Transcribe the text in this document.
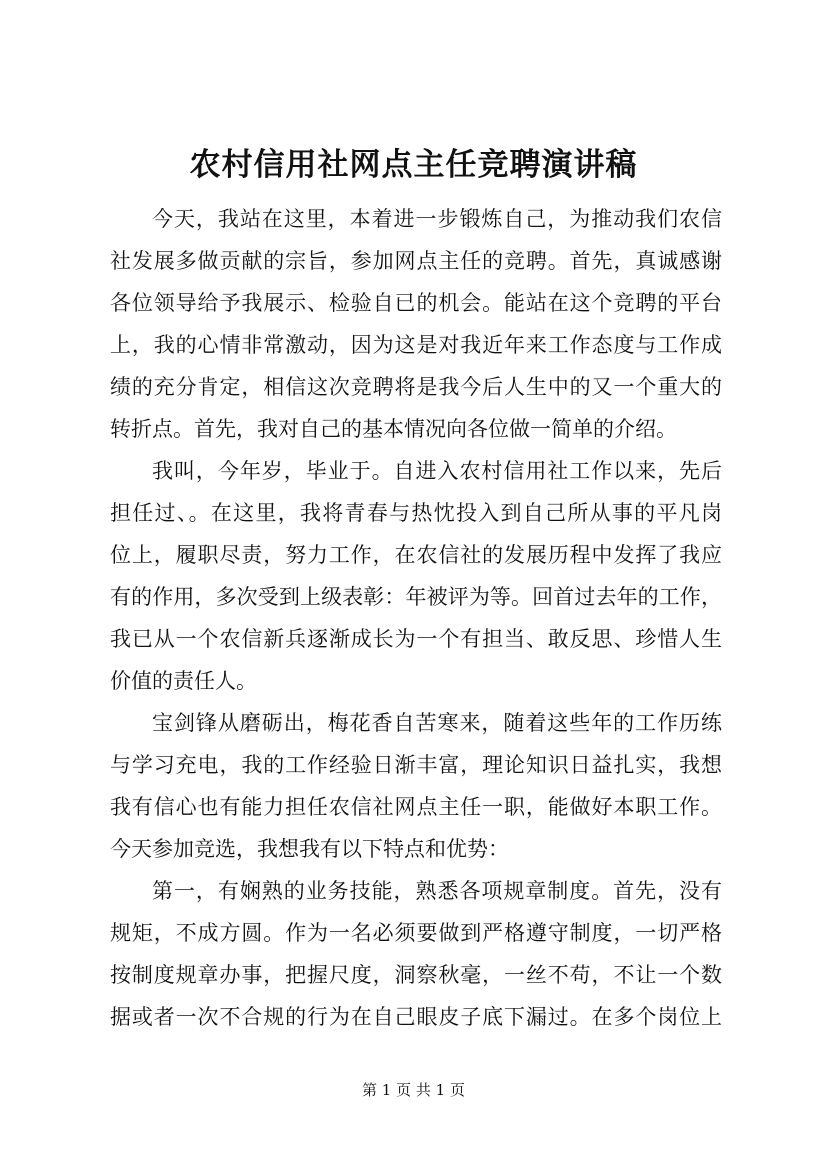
农村信用社网点主任竞聘演讲稿
今天，我站在这里，本着进一步锻炼自己，为推动我们农信
社发展多做贡献的宗旨，参加网点主任的竞聘。首先，真诚感谢
各位领导给予我展示、检验自已的机会。能站在这个竞聘的平台
上，我的心情非常激动，因为这是对我近年来工作态度与工作成
绩的充分肯定，相信这次竞聘将是我今后人生中的又一个重大的
转折点。首先，我对自己的基本情况向各位做一简单的介绍。
我叫，今年岁，毕业于。自进入农村信用社工作以来，先后
担任过、。在这里，我将青春与热忱投入到自己所从事的平凡岗
位上，履职尽责，努力工作，在农信社的发展历程中发挥了我应
有的作用，多次受到上级表彰：年被评为等。回首过去年的工作，
我已从一个农信新兵逐渐成长为一个有担当、敢反思、珍惜人生
价值的责任人。
宝剑锋从磨砺出，梅花香自苦寒来，随着这些年的工作历练
与学习充电，我的工作经验日渐丰富，理论知识日益扎实，我想
我有信心也有能力担任农信社网点主任一职，能做好本职工作。
今天参加竞选，我想我有以下特点和优势：
第一，有娴熟的业务技能，熟悉各项规章制度。首先，没有
规矩，不成方圆。作为一名必须要做到严格遵守制度，一切严格
按制度规章办事，把握尺度，洞察秋毫，一丝不苟，不让一个数
据或者一次不合规的行为在自己眼皮子底下漏过。在多个岗位上
第 1 页 共 1 页
